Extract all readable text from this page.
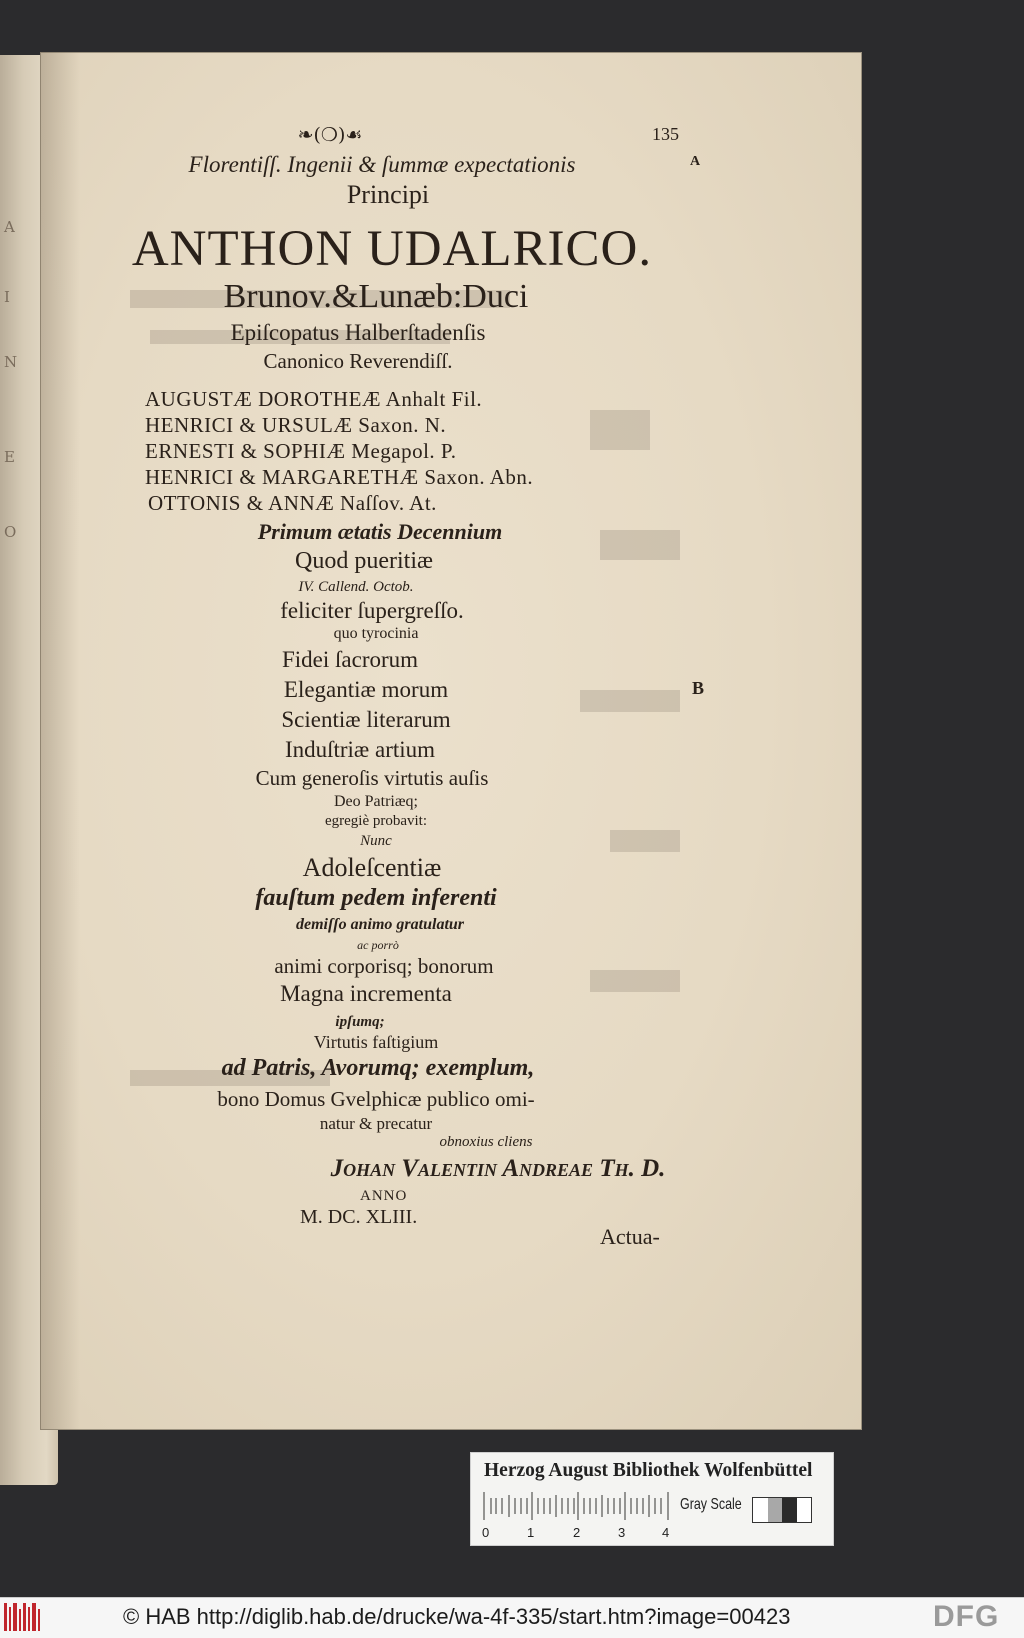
A
I
N
E
O
❧(❍)☙	135
Florentiſſ. Ingenii & ſummæ expectationis
Principi
ANTHON UDALRICO.
Brunov.&Lunæb:Duci
Epiſcopatus Halberſtadenſis
Canonico Reverendiſſ.
AUGUSTÆ DOROTHEÆ Anhalt Fil.
HENRICI & URSULÆ Saxon. N.
ERNESTI & SOPHIÆ Megapol. P.
HENRICI & MARGARETHÆ Saxon. Abn.
OTTONIS & ANNÆ Naſſov. At.
Primum ætatis Decennium
Quod pueritiæ
IV. Callend. Octob.
feliciter ſupergreſſo.
quo tyrocinia
Fidei ſacrorum
Elegantiæ morum
Scientiæ literarum
Induſtriæ artium
Cum generoſis virtutis auſis
Deo Patriæq;
egregiè probavit:
Nunc
Adoleſcentiæ
fauſtum pedem inferenti
demiſſo animo gratulatur
ac porrò
animi corporisq; bonorum
Magna incrementa
ipſumq;
Virtutis faſtigium
ad Patris, Avorumq; exemplum,
bono Domus Gvelphicæ publico omi-
natur & precatur
obnoxius cliens
Johan Valentin Andreae Th. D.
ANNO
M. DC. XLIII.
Actua-
A
B
Herzog August Bibliothek Wolfenbüttel
0	1	2	3	4
Gray Scale
© HAB http://diglib.hab.de/drucke/wa-4f-335/start.htm?image=00423	DFG
